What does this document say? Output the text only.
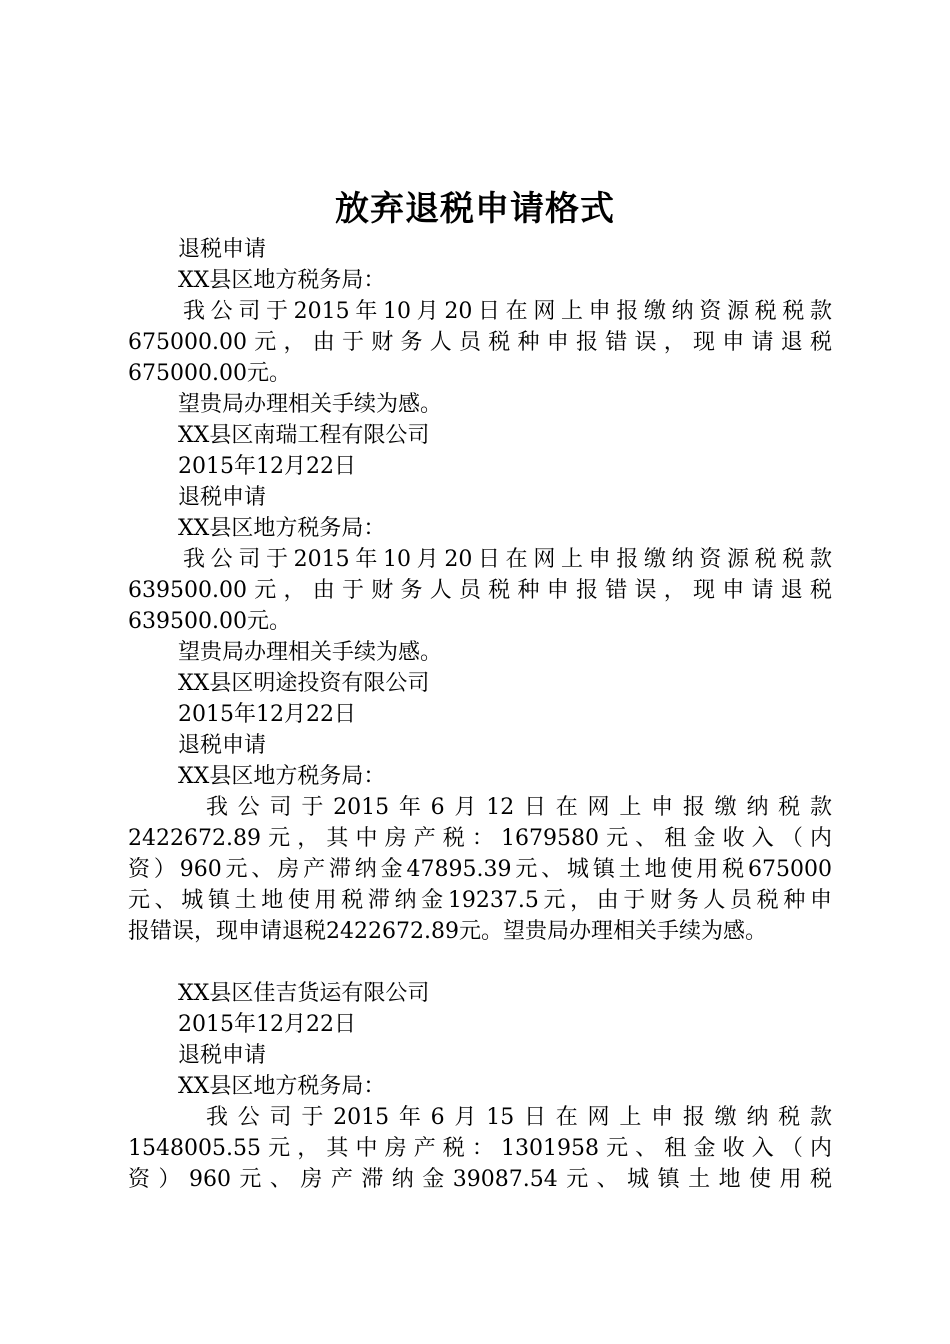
放弃退税申请格式

退税申请

XX县区地方税务局：

我公司于2015年10月20日在网上申报缴纳资源税税款

675000.00元，由于财务人员税种申报错误，现申请退税

675000.00元。

望贵局办理相关手续为感。

XX县区南瑞工程有限公司

2015年12月22日

退税申请

XX县区地方税务局：

我公司于2015年10月20日在网上申报缴纳资源税税款

639500.00元，由于财务人员税种申报错误，现申请退税

639500.00元。

望贵局办理相关手续为感。

XX县区明途投资有限公司

2015年12月22日

退税申请

XX县区地方税务局：

我公司于2015年6月12日在网上申报缴纳税款

2422672.89元，其中房产税：1679580元、租金收入（内

资）960元、房产滞纳金47895.39元、城镇土地使用税675000

元、城镇土地使用税滞纳金19237.5元，由于财务人员税种申

报错误，现申请退税2422672.89元。望贵局办理相关手续为感。

XX县区佳吉货运有限公司

2015年12月22日

退税申请

XX县区地方税务局：

我公司于2015年6月15日在网上申报缴纳税款

1548005.55元，其中房产税：1301958元、租金收入（内

资）960元、房产滞纳金39087.54元、城镇土地使用税
